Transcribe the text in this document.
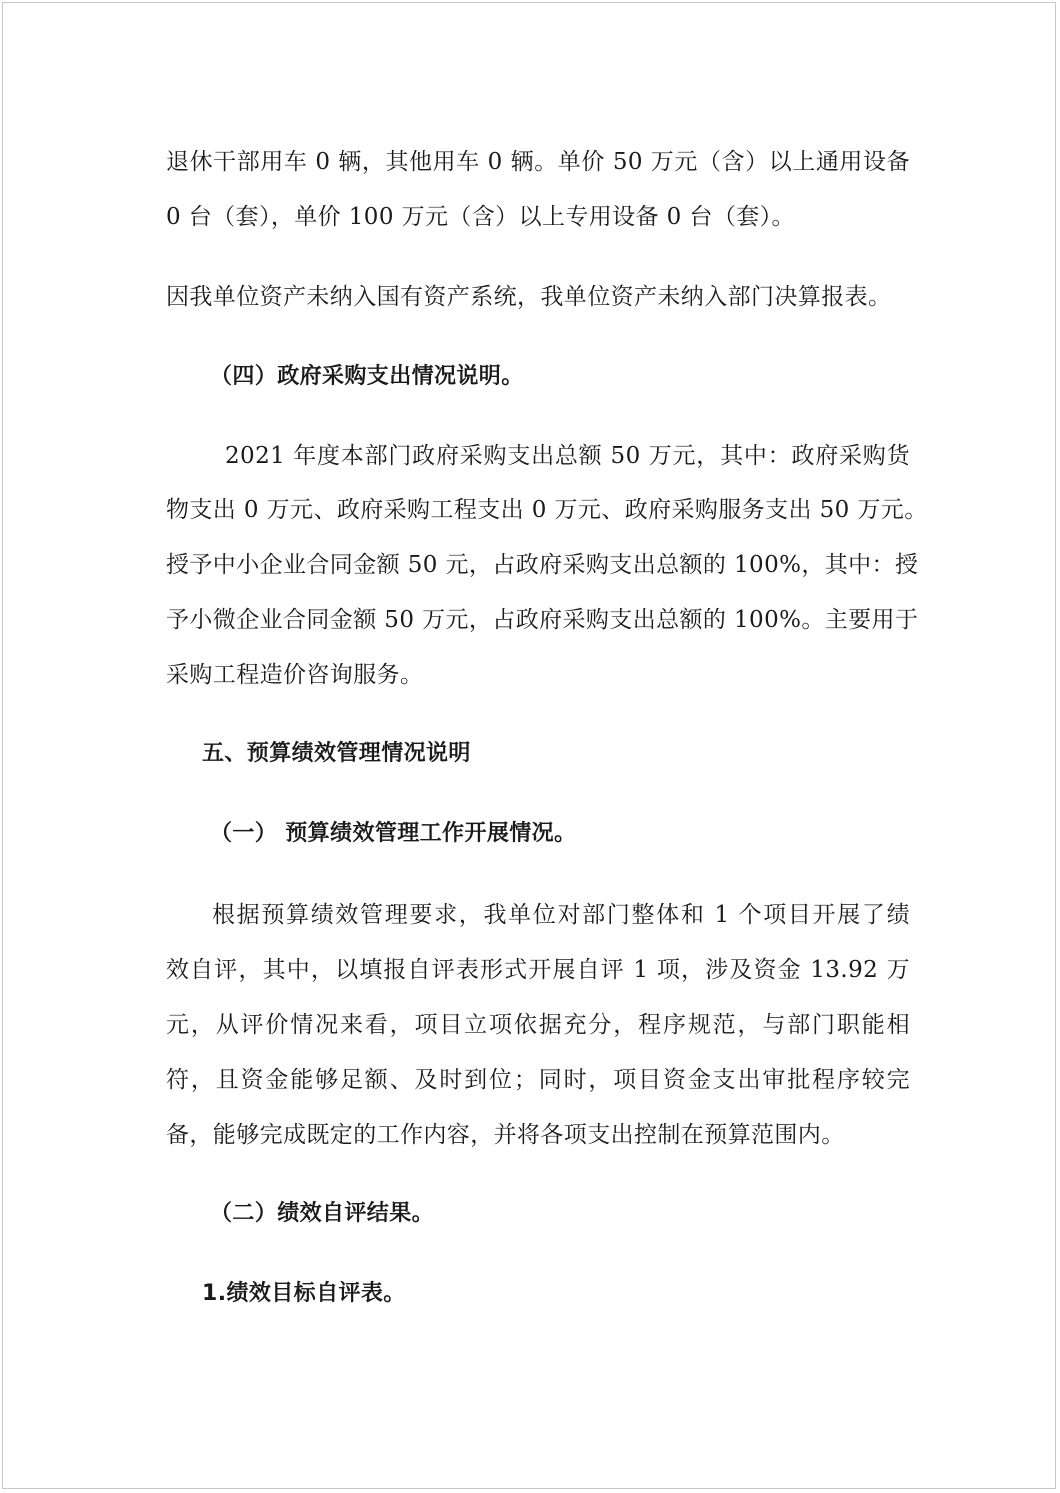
退休干部用车 0 辆，其他用车 0 辆。单价 50 万元（含）以上通用设备
0 台（套），单价 100 万元（含）以上专用设备 0 台（套）。
因我单位资产未纳入国有资产系统，我单位资产未纳入部门决算报表。
（四）政府采购支出情况说明。
2021 年度本部门政府采购支出总额 50 万元，其中：政府采购货
物支出 0 万元、政府采购工程支出 0 万元、政府采购服务支出 50 万元。
授予中小企业合同金额 50 元，占政府采购支出总额的 100%，其中：授
予小微企业合同金额 50 万元，占政府采购支出总额的 100%。主要用于
采购工程造价咨询服务。
五、预算绩效管理情况说明
（一） 预算绩效管理工作开展情况。
根据预算绩效管理要求，我单位对部门整体和 1 个项目开展了绩
效自评，其中，以填报自评表形式开展自评 1 项，涉及资金 13.92 万
元，从评价情况来看，项目立项依据充分，程序规范，与部门职能相
符，且资金能够足额、及时到位；同时，项目资金支出审批程序较完
备，能够完成既定的工作内容，并将各项支出控制在预算范围内。
（二）绩效自评结果。
1.绩效目标自评表。
